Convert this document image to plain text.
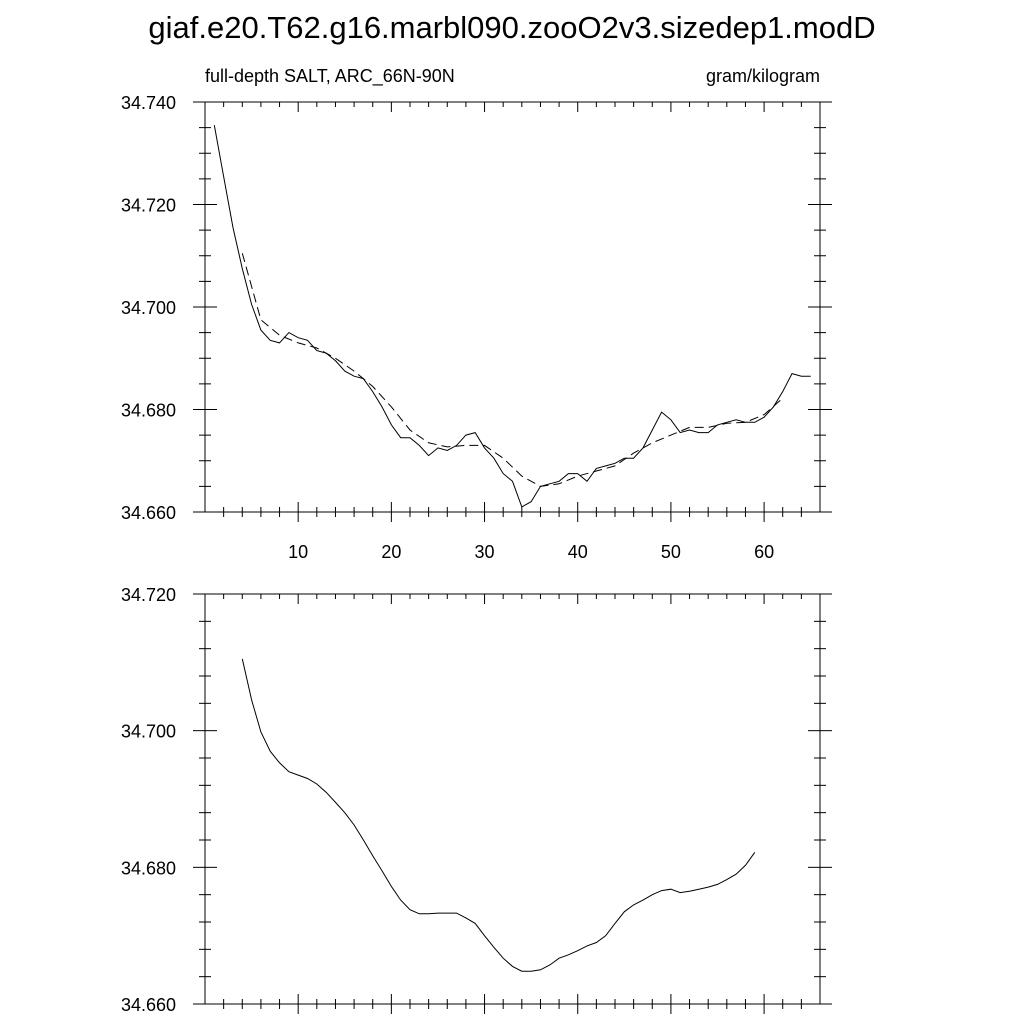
giaf.e20.T62.g16.marbl090.zooO2v3.sizedep1.modD
full-depth SALT, ARC_66N-90N	gram/kilogram
10	20	30	40	50	60
34.660
34.680
34.700
34.720
34.740
34.660
34.680
34.700
34.720
